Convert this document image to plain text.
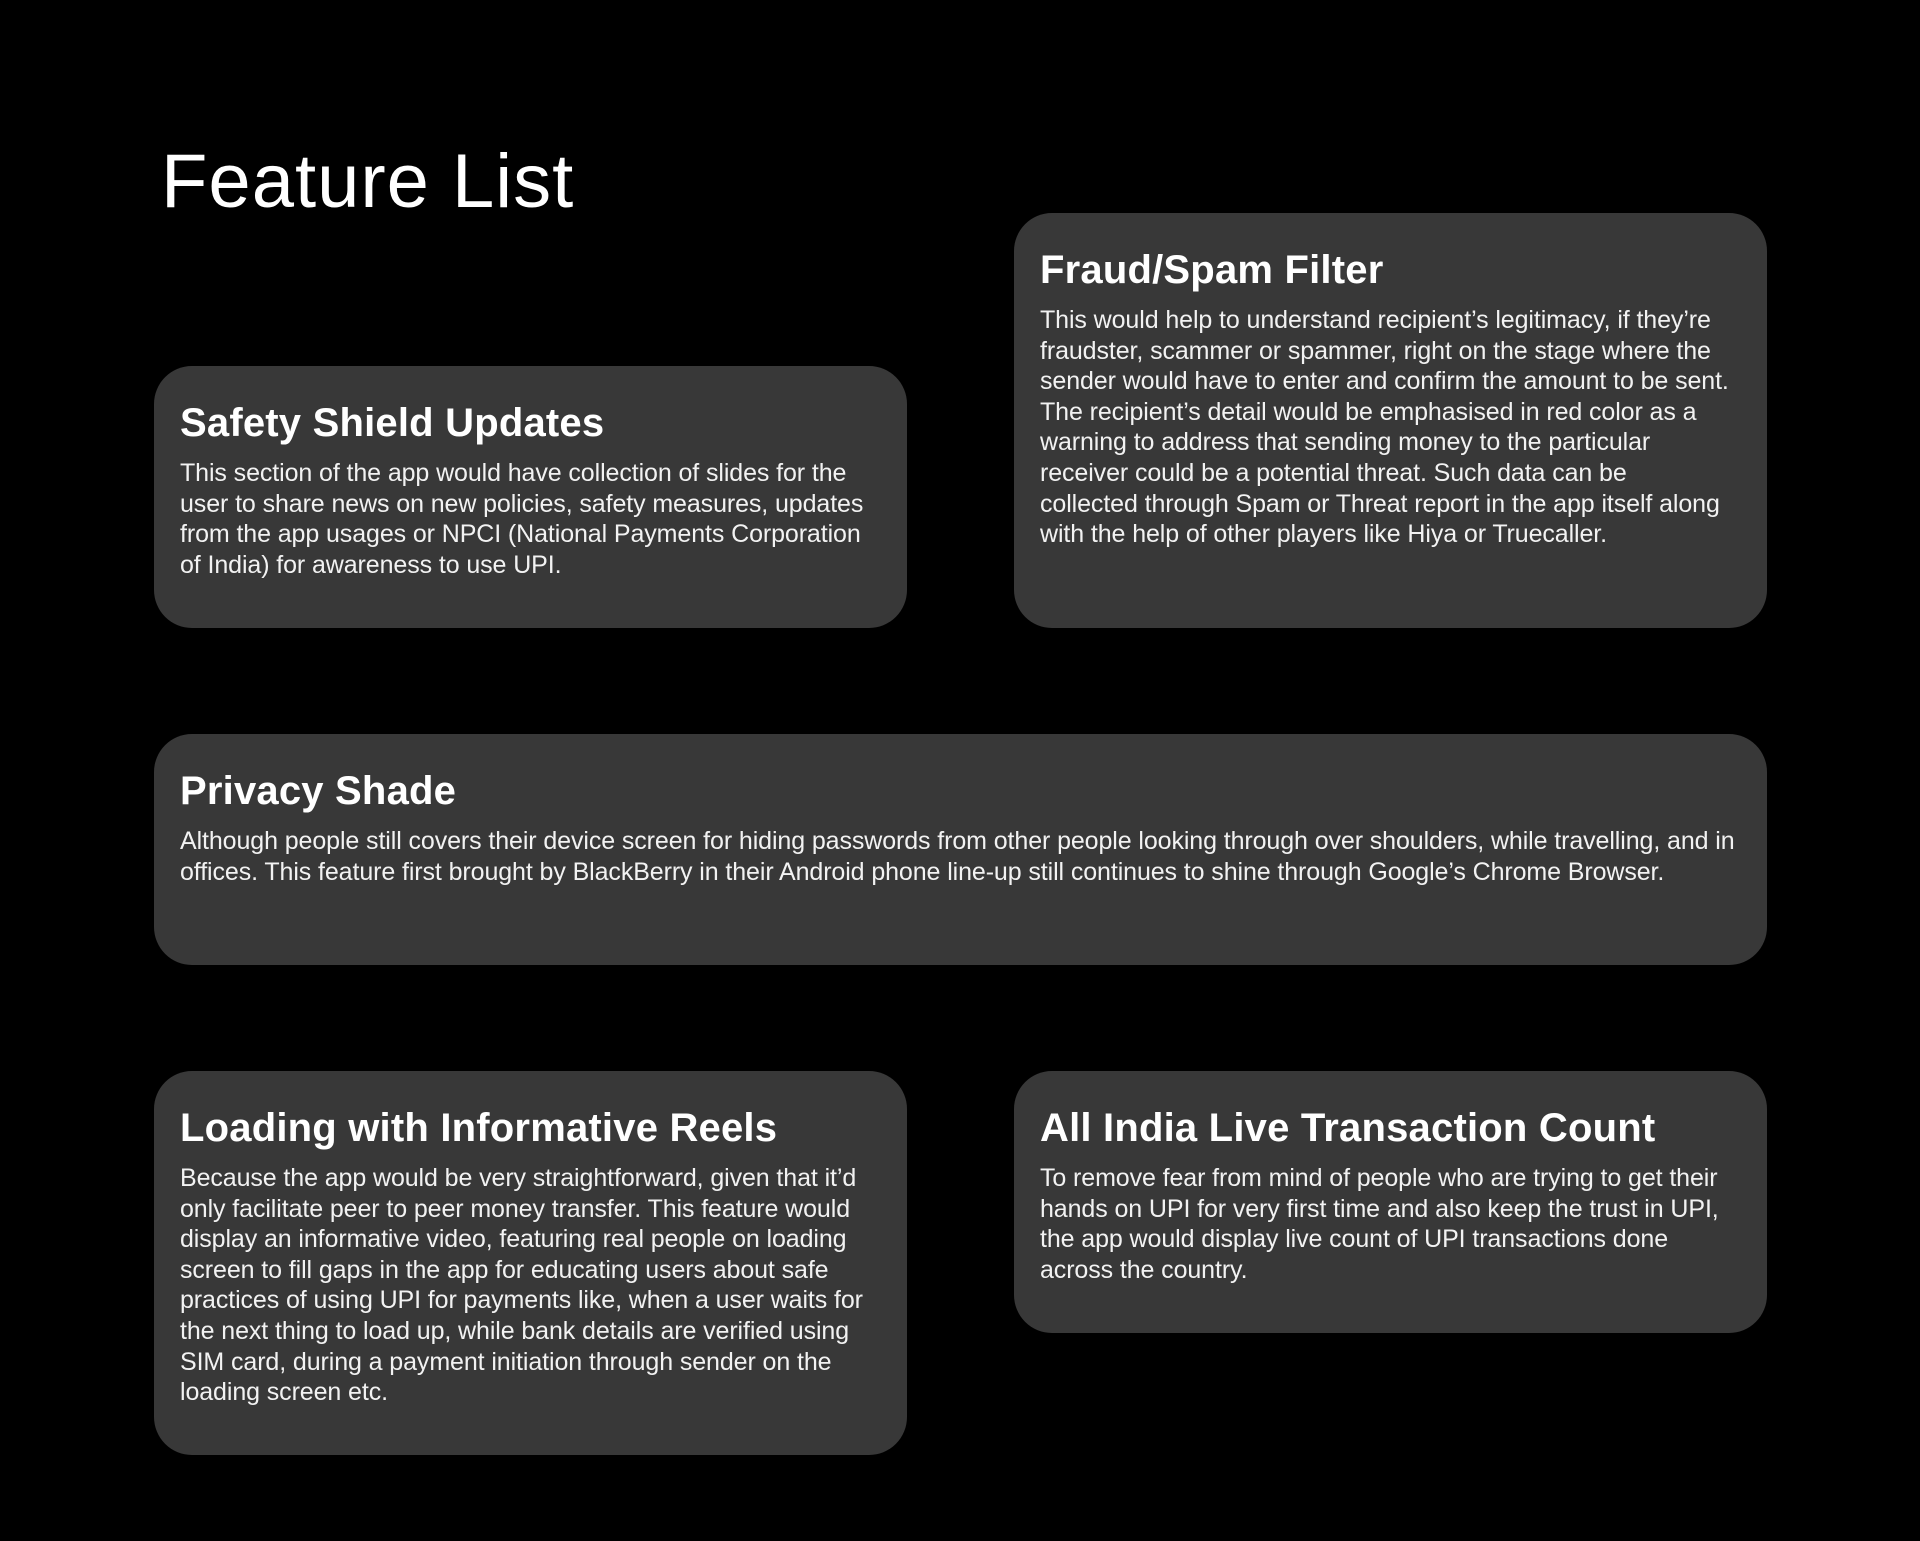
Feature List
Safety Shield Updates

This section of the app would have collection of slides for the user to share news on new policies, safety measures, updates from the app usages or NPCI (National Payments Corporation of India) for awareness to use UPI.

Fraud/Spam Filter

This would help to understand recipient’s legitimacy, if they’re fraudster, scammer or spammer, right on the stage where the sender would have to enter and confirm the amount to be sent. The recipient’s detail would be emphasised in red color as a warning to address that sending money to the particular receiver could be a potential threat. Such data can be collected through Spam or Threat report in the app itself along with the help of other players like Hiya or Truecaller.

Privacy Shade

Although people still covers their device screen for hiding passwords from other people looking through over shoulders, while travelling, and in offices. This feature first brought by BlackBerry in their Android phone line-up still continues to shine through Google’s Chrome Browser.

Loading with Informative Reels

Because the app would be very straightforward, given that it’d only facilitate peer to peer money transfer. This feature would display an informative video, featuring real people on loading screen to fill gaps in the app for educating users about safe practices of using UPI for payments like, when a user waits for the next thing to load up, while bank details are verified using SIM card, during a payment initiation through sender on the loading screen etc.

All India Live Transaction Count

To remove fear from mind of people who are trying to get their hands on UPI for very first time and also keep the trust in UPI, the app would display live count of UPI transactions done across the country.
